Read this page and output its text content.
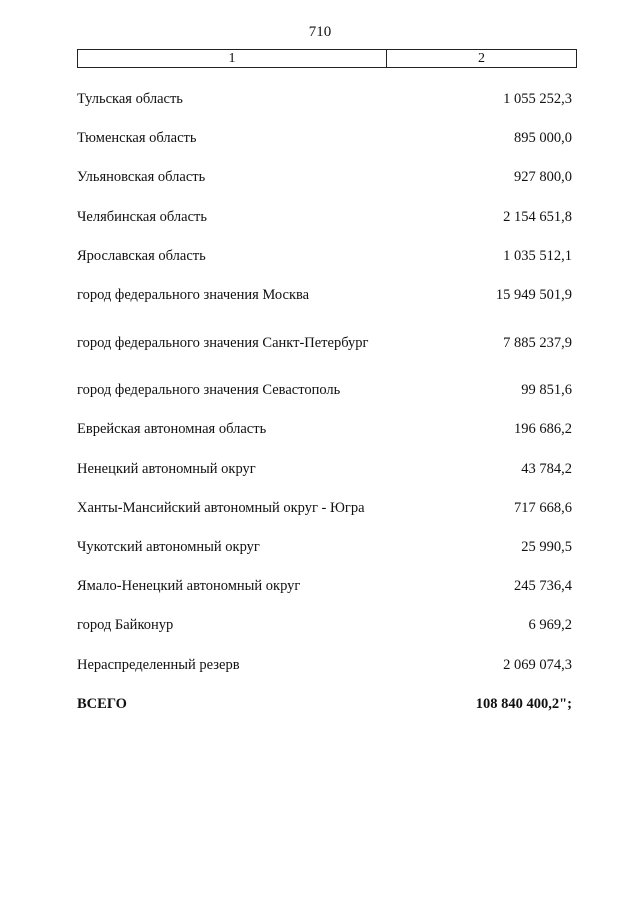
710
1	2
Тульская область	1 055 252,3
Тюменская область	895 000,0
Ульяновская область	927 800,0
Челябинская область	2 154 651,8
Ярославская область	1 035 512,1
город федерального значения Москва	15 949 501,9
город федерального значения Санкт-Петербург	7 885 237,9
город федерального значения Севастополь	99 851,6
Еврейская автономная область	196 686,2
Ненецкий автономный округ	43 784,2
Ханты-Мансийский автономный округ - Югра	717 668,6
Чукотский автономный округ	25 990,5
Ямало-Ненецкий автономный округ	245 736,4
город Байконур	6 969,2
Нераспределенный резерв	2 069 074,3
ВСЕГО	108 840 400,2";
